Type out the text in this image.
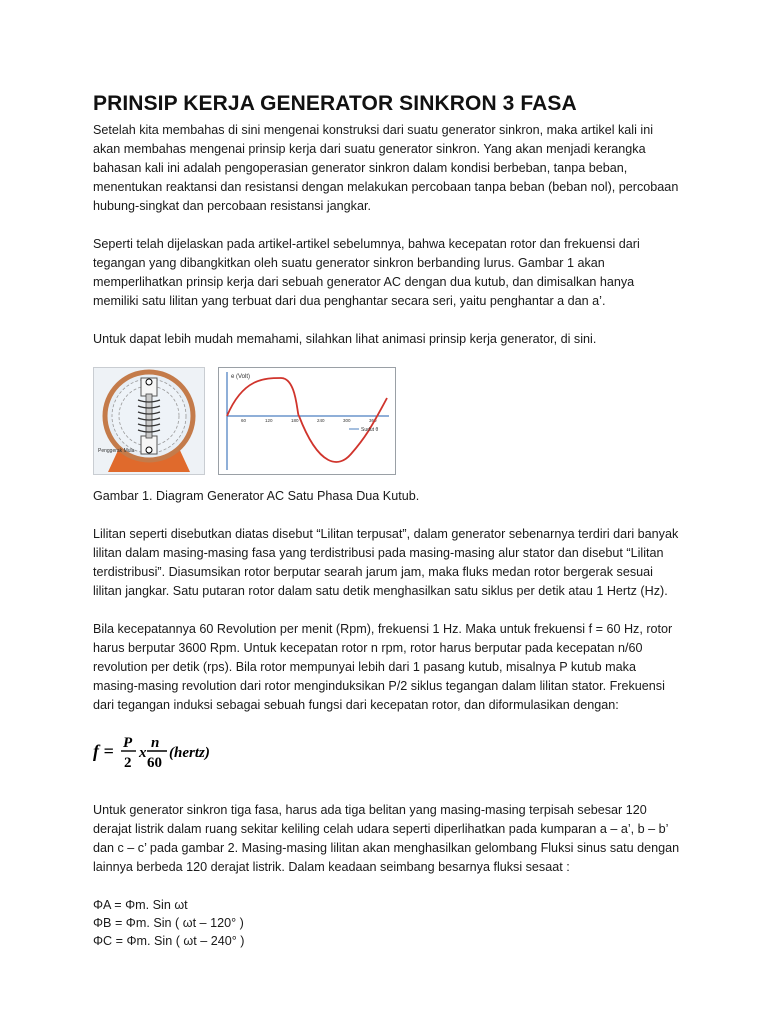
PRINSIP KERJA GENERATOR SINKRON 3 FASA

Setelah kita membahas di sini mengenai konstruksi dari suatu generator sinkron, maka artikel kali ini akan membahas mengenai prinsip kerja dari suatu generator sinkron. Yang akan menjadi kerangka bahasan kali ini adalah pengoperasian generator sinkron dalam kondisi berbeban, tanpa beban, menentukan reaktansi dan resistansi dengan melakukan percobaan tanpa beban (beban nol), percobaan hubung-singkat dan percobaan resistansi jangkar.

Seperti telah dijelaskan pada artikel-artikel sebelumnya, bahwa kecepatan rotor dan frekuensi dari tegangan yang dibangkitkan oleh suatu generator sinkron berbanding lurus. Gambar 1 akan memperlihatkan prinsip kerja dari sebuah generator AC dengan dua kutub, dan dimisalkan hanya memiliki satu lilitan yang terbuat dari dua penghantar secara seri, yaitu penghantar a dan a’.

Untuk dapat lebih mudah memahami, silahkan lihat animasi prinsip kerja generator, di sini.

Penggerak Mula
e (Volt)
60	120	180	240	300	360
Sudut θ

Gambar 1. Diagram Generator AC Satu Phasa Dua Kutub.

Lilitan seperti disebutkan diatas disebut “Lilitan terpusat”, dalam generator sebenarnya terdiri dari banyak lilitan dalam masing-masing fasa yang terdistribusi pada masing-masing alur stator dan disebut “Lilitan terdistribusi”. Diasumsikan rotor berputar searah jarum jam, maka fluks medan rotor bergerak sesuai lilitan jangkar. Satu putaran rotor dalam satu detik menghasilkan satu siklus per detik atau 1 Hertz (Hz).

Bila kecepatannya 60 Revolution per menit (Rpm), frekuensi 1 Hz. Maka untuk frekuensi f = 60 Hz, rotor harus berputar 3600 Rpm. Untuk kecepatan rotor n rpm, rotor harus berputar pada kecepatan n/60 revolution per detik (rps). Bila rotor mempunyai lebih dari 1 pasang kutub, misalnya P kutub maka masing-masing revolution dari rotor menginduksikan P/2 siklus tegangan dalam lilitan stator. Frekuensi dari tegangan induksi sebagai sebuah fungsi dari kecepatan rotor, dan diformulasikan dengan:

f = P
2
x
n
60
(hertz)

Untuk generator sinkron tiga fasa, harus ada tiga belitan yang masing-masing terpisah sebesar 120 derajat listrik dalam ruang sekitar keliling celah udara seperti diperlihatkan pada kumparan a – a’, b – b’ dan c – c’ pada gambar 2. Masing-masing lilitan akan menghasilkan gelombang Fluksi sinus satu dengan lainnya berbeda 120 derajat listrik. Dalam keadaan seimbang besarnya fluksi sesaat :

ΦA = Φm. Sin ωt

ΦB = Φm. Sin ( ωt – 120° )

ΦC = Φm. Sin ( ωt – 240° )
